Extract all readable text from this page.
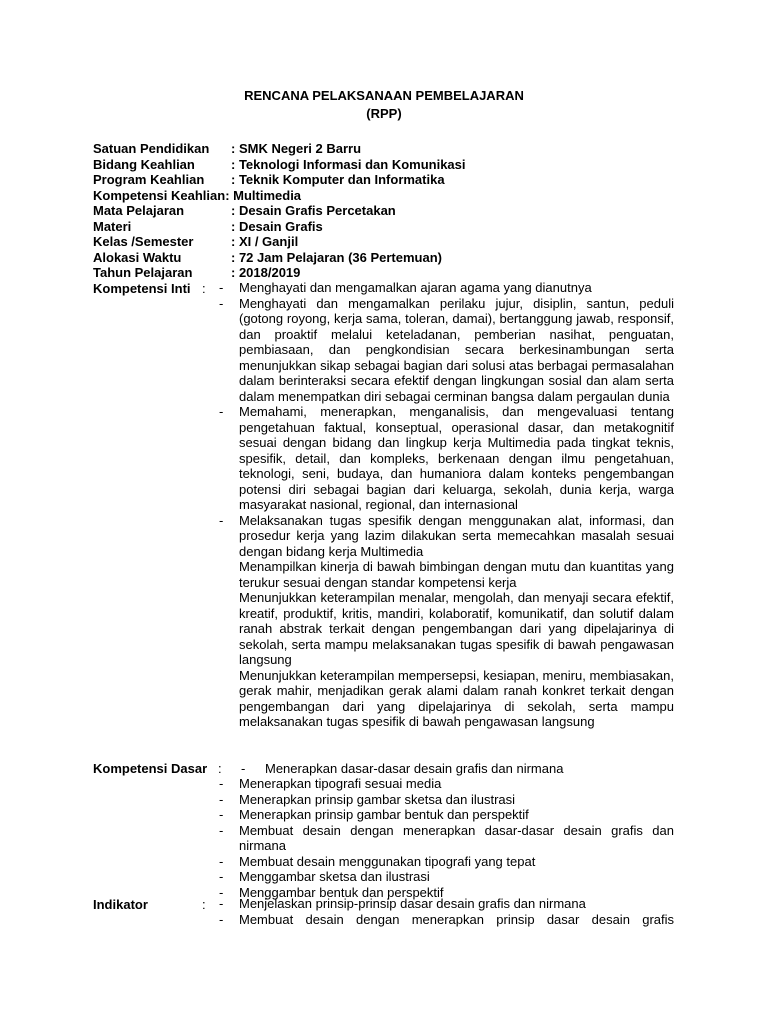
RENCANA PELAKSANAAN PEMBELAJARAN
(RPP)
Satuan Pendidikan : SMK Negeri 2 Barru
Bidang Keahlian	: Teknologi Informasi dan Komunikasi
Program Keahlian : Teknik Komputer dan Informatika
Kompetensi Keahlian: Multimedia
Mata Pelajaran	: Desain Grafis Percetakan
Materi	: Desain Grafis
Kelas /Semester	: XI / Ganjil
Alokasi Waktu	: 72 Jam Pelajaran (36 Pertemuan)
Tahun Pelajaran	: 2018/2019
Kompetensi Inti : - Menghayati dan mengamalkan ajaran agama yang dianutnya
- Menghayati dan mengamalkan perilaku jujur, disiplin, santun, peduli (gotong royong, kerja sama, toleran, damai), bertanggung jawab, responsif, dan proaktif melalui keteladanan, pemberian nasihat, penguatan, pembiasaan, dan pengkondisian secara berkesinambungan serta menunjukkan sikap sebagai bagian dari solusi atas berbagai permasalahan dalam berinteraksi secara efektif dengan lingkungan sosial dan alam serta dalam menempatkan diri sebagai cerminan bangsa dalam pergaulan dunia
- Memahami, menerapkan, menganalisis, dan mengevaluasi tentang pengetahuan faktual, konseptual, operasional dasar, dan metakognitif sesuai dengan bidang dan lingkup kerja Multimedia pada tingkat teknis, spesifik, detail, dan kompleks, berkenaan dengan ilmu pengetahuan, teknologi, seni, budaya, dan humaniora dalam konteks pengembangan potensi diri sebagai bagian dari keluarga, sekolah, dunia kerja, warga masyarakat nasional, regional, dan internasional
- Melaksanakan tugas spesifik dengan menggunakan alat, informasi, dan prosedur kerja yang lazim dilakukan serta memecahkan masalah sesuai dengan bidang kerja Multimedia
Menampilkan kinerja di bawah bimbingan dengan mutu dan kuantitas yang terukur sesuai dengan standar kompetensi kerja
Menunjukkan keterampilan menalar, mengolah, dan menyaji secara efektif, kreatif, produktif, kritis, mandiri, kolaboratif, komunikatif, dan solutif dalam ranah abstrak terkait dengan pengembangan dari yang dipelajarinya di sekolah, serta mampu melaksanakan tugas spesifik di bawah pengawasan langsung
Menunjukkan keterampilan mempersepsi, kesiapan, meniru, membiasakan, gerak mahir, menjadikan gerak alami dalam ranah konkret terkait dengan pengembangan dari yang dipelajarinya di sekolah, serta mampu melaksanakan tugas spesifik di bawah pengawasan langsung
Kompetensi Dasar : - Menerapkan dasar-dasar desain grafis dan nirmana
- Menerapkan tipografi sesuai media
- Menerapkan prinsip gambar sketsa dan ilustrasi
- Menerapkan prinsip gambar bentuk dan perspektif
- Membuat desain dengan menerapkan dasar-dasar desain grafis dan nirmana
- Membuat desain menggunakan tipografi yang tepat
- Menggambar sketsa dan ilustrasi
- Menggambar bentuk dan perspektif
Indikator	: - Menjelaskan prinsip-prinsip dasar desain grafis dan nirmana
- Membuat desain dengan menerapkan prinsip dasar desain grafis
